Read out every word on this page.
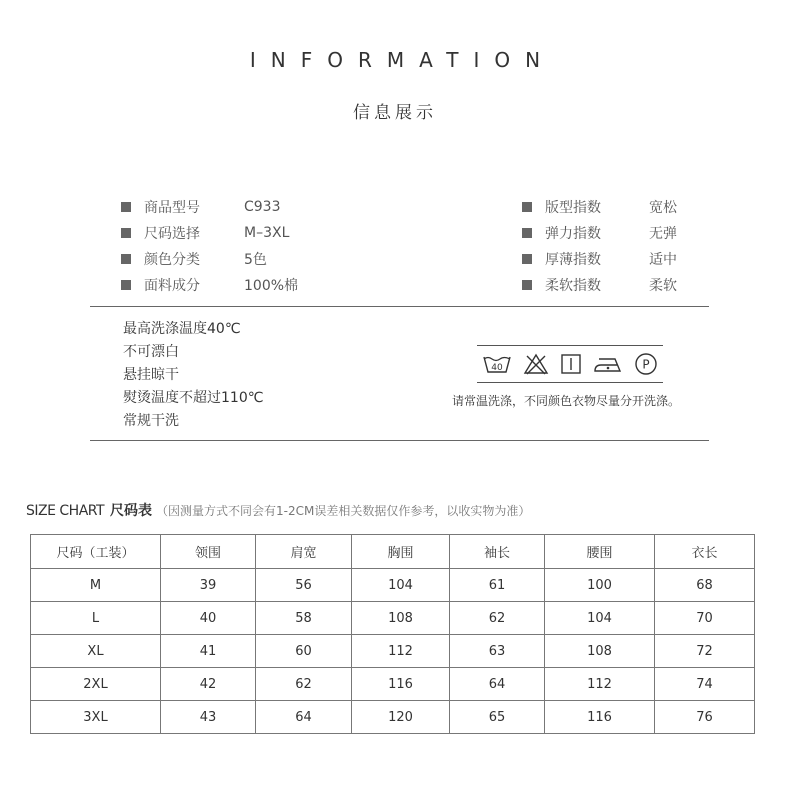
INFORMATION
信息展示
商品型号	C933
尺码选择	M–3XL
颜色分类	5色
面料成分	100%棉
版型指数	宽松
弹力指数	无弹
厚薄指数	适中
柔软指数	柔软
最高洗涤温度40℃
不可漂白
悬挂晾干
熨烫温度不超过110℃
常规干洗
40	P
请常温洗涤，不同颜色衣物尽量分开洗涤。
SIZE CHART 尺码表 （因测量方式不同会有1-2CM误差相关数据仅作参考，以收实物为准）
尺码（工装）	领围	肩宽	胸围	袖长	腰围	衣长
M	39	56	104	61	100	68
L	40	58	108	62	104	70
XL	41	60	112	63	108	72
2XL	42	62	116	64	112	74
3XL	43	64	120	65	116	76
